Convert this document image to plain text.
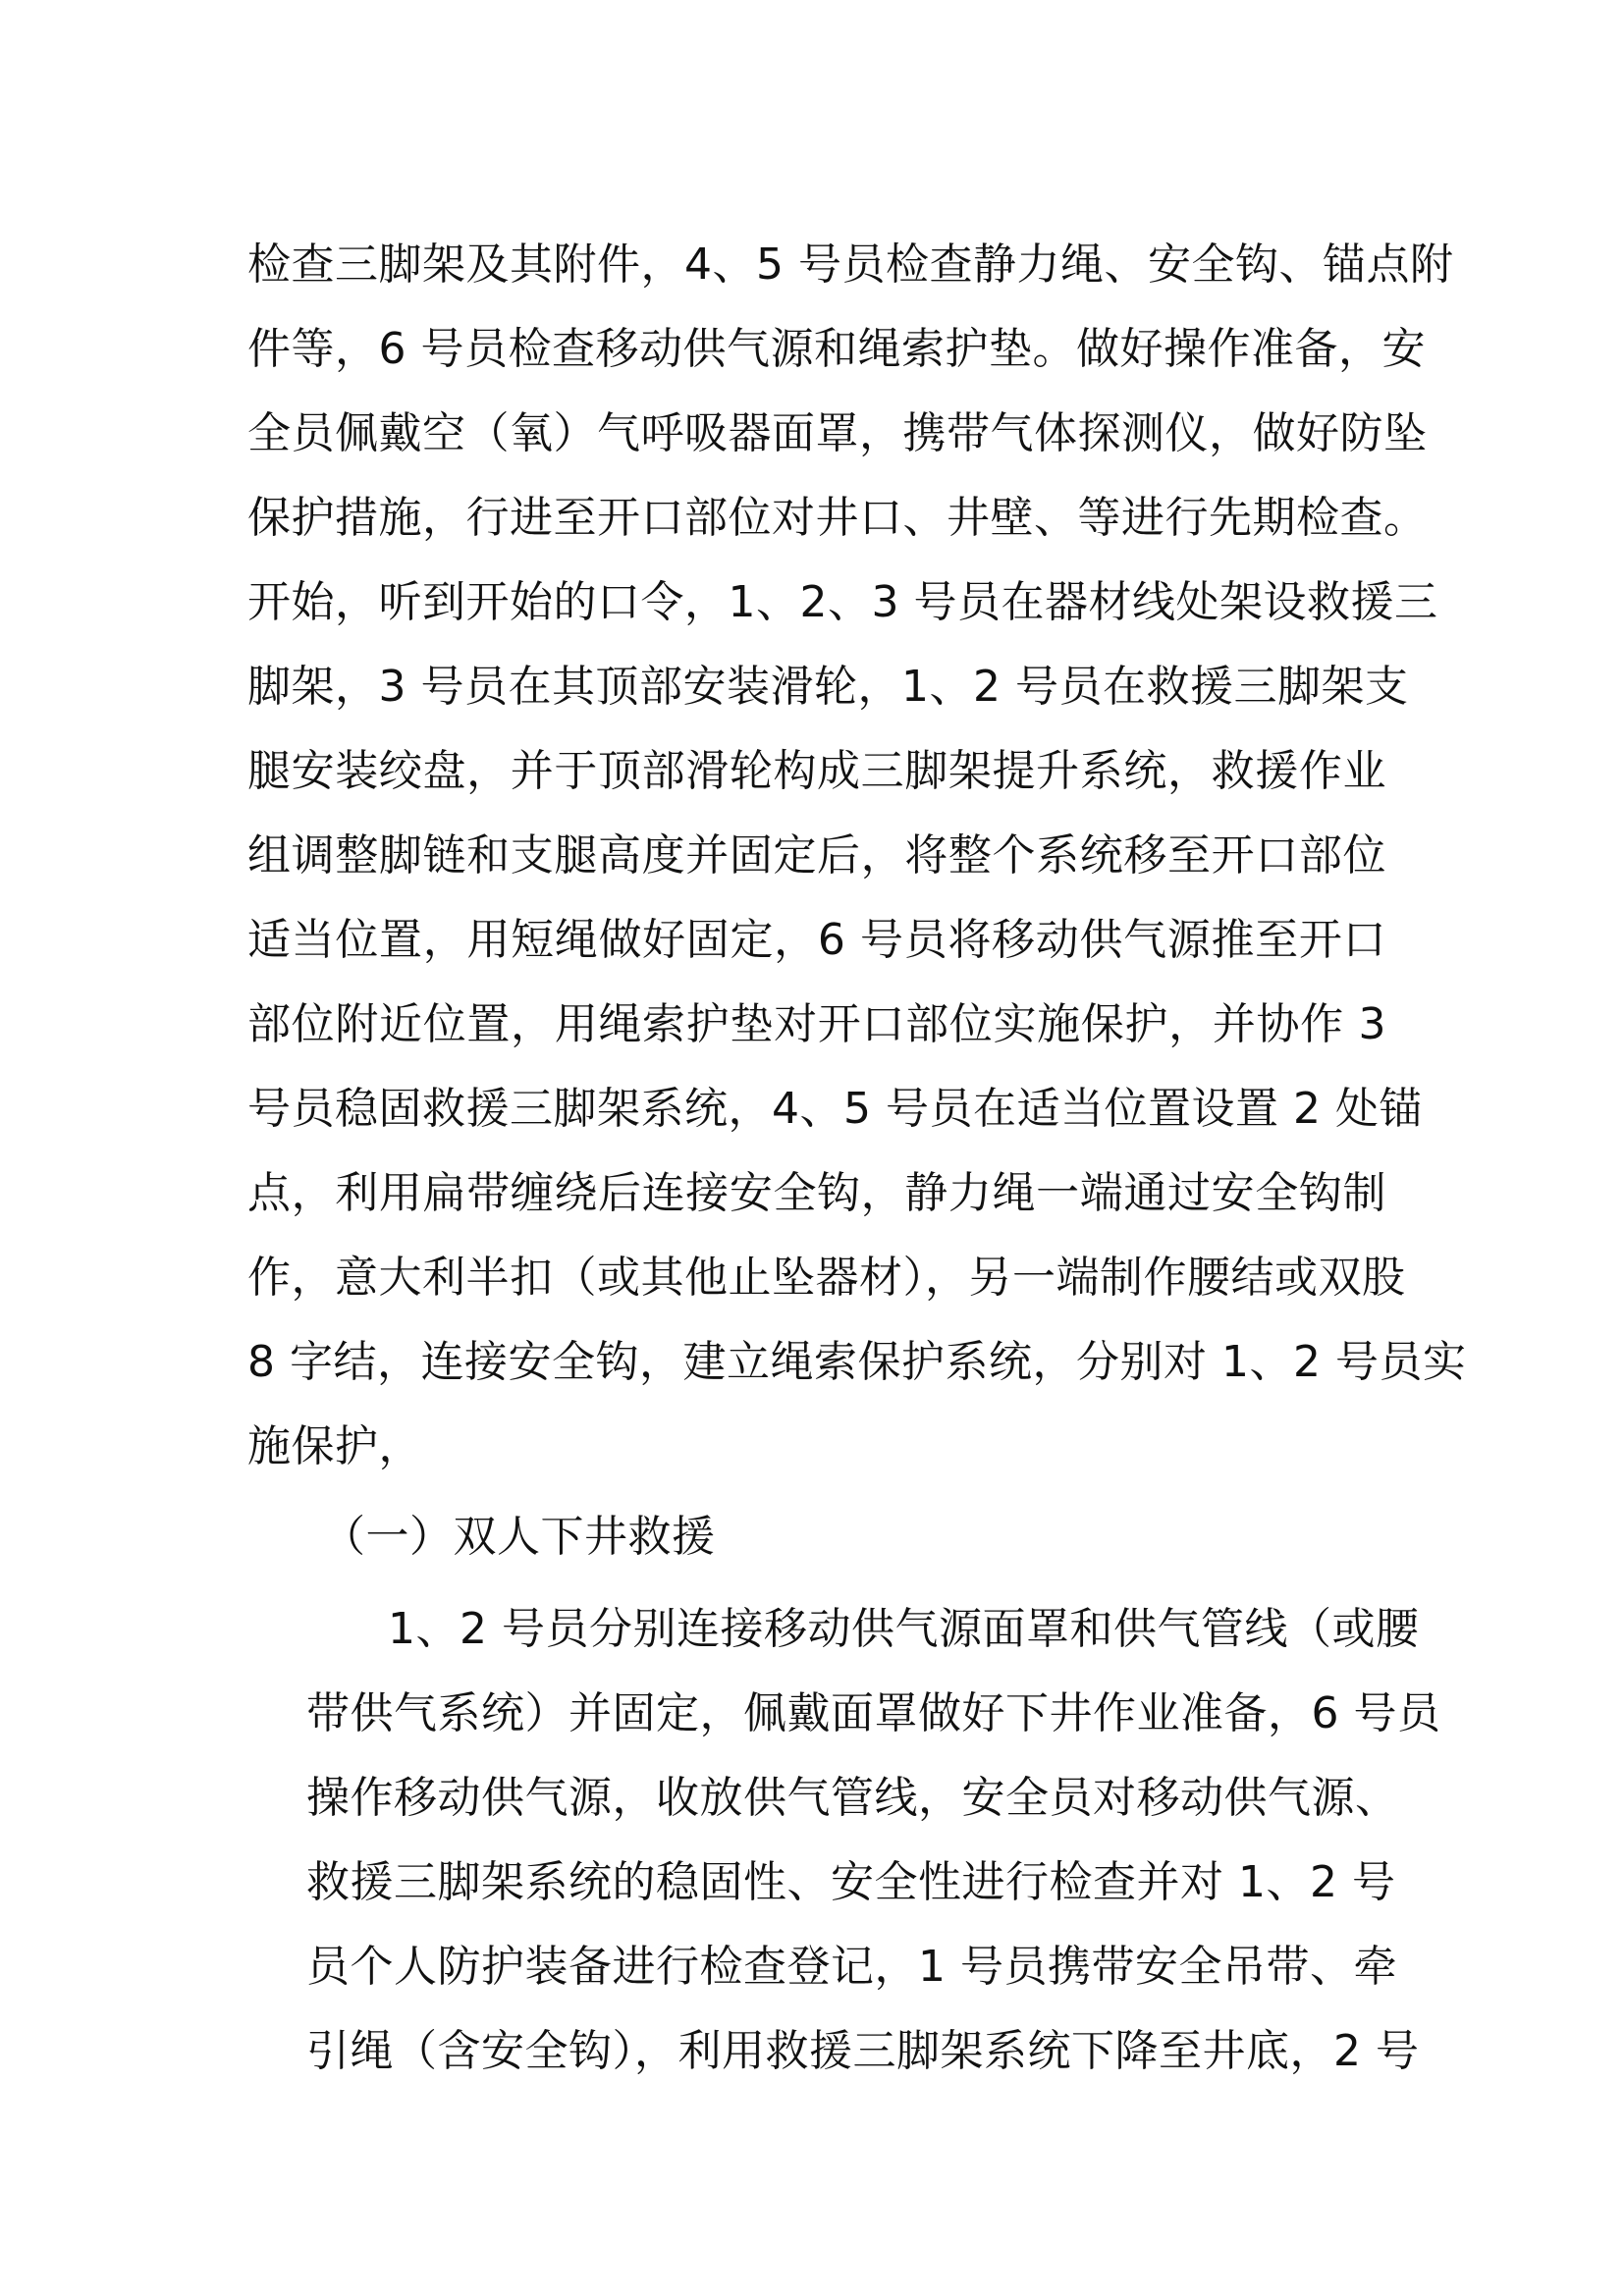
检查三脚架及其附件，4、5 号员检查静力绳、安全钩、锚点附
件等，6 号员检查移动供气源和绳索护垫。做好操作准备，安
全员佩戴空（氧）气呼吸器面罩，携带气体探测仪，做好防坠
保护措施，行进至开口部位对井口、井壁、等进行先期检查。
开始，听到开始的口令，1、2、3 号员在器材线处架设救援三
脚架，3 号员在其顶部安装滑轮，1、2 号员在救援三脚架支
腿安装绞盘，并于顶部滑轮构成三脚架提升系统，救援作业
组调整脚链和支腿高度并固定后，将整个系统移至开口部位
适当位置，用短绳做好固定，6 号员将移动供气源推至开口
部位附近位置，用绳索护垫对开口部位实施保护，并协作 3
号员稳固救援三脚架系统，4、5 号员在适当位置设置 2 处锚
点，利用扁带缠绕后连接安全钩，静力绳一端通过安全钩制
作，意大利半扣（或其他止坠器材），另一端制作腰结或双股
8 字结，连接安全钩，建立绳索保护系统，分别对 1、2 号员实
施保护，
（一）双人下井救援
1、2 号员分别连接移动供气源面罩和供气管线（或腰
带供气系统）并固定，佩戴面罩做好下井作业准备，6 号员
操作移动供气源，收放供气管线，安全员对移动供气源、
救援三脚架系统的稳固性、安全性进行检查并对 1、2 号
员个人防护装备进行检查登记，1 号员携带安全吊带、牵
引绳（含安全钩），利用救援三脚架系统下降至井底，2 号
